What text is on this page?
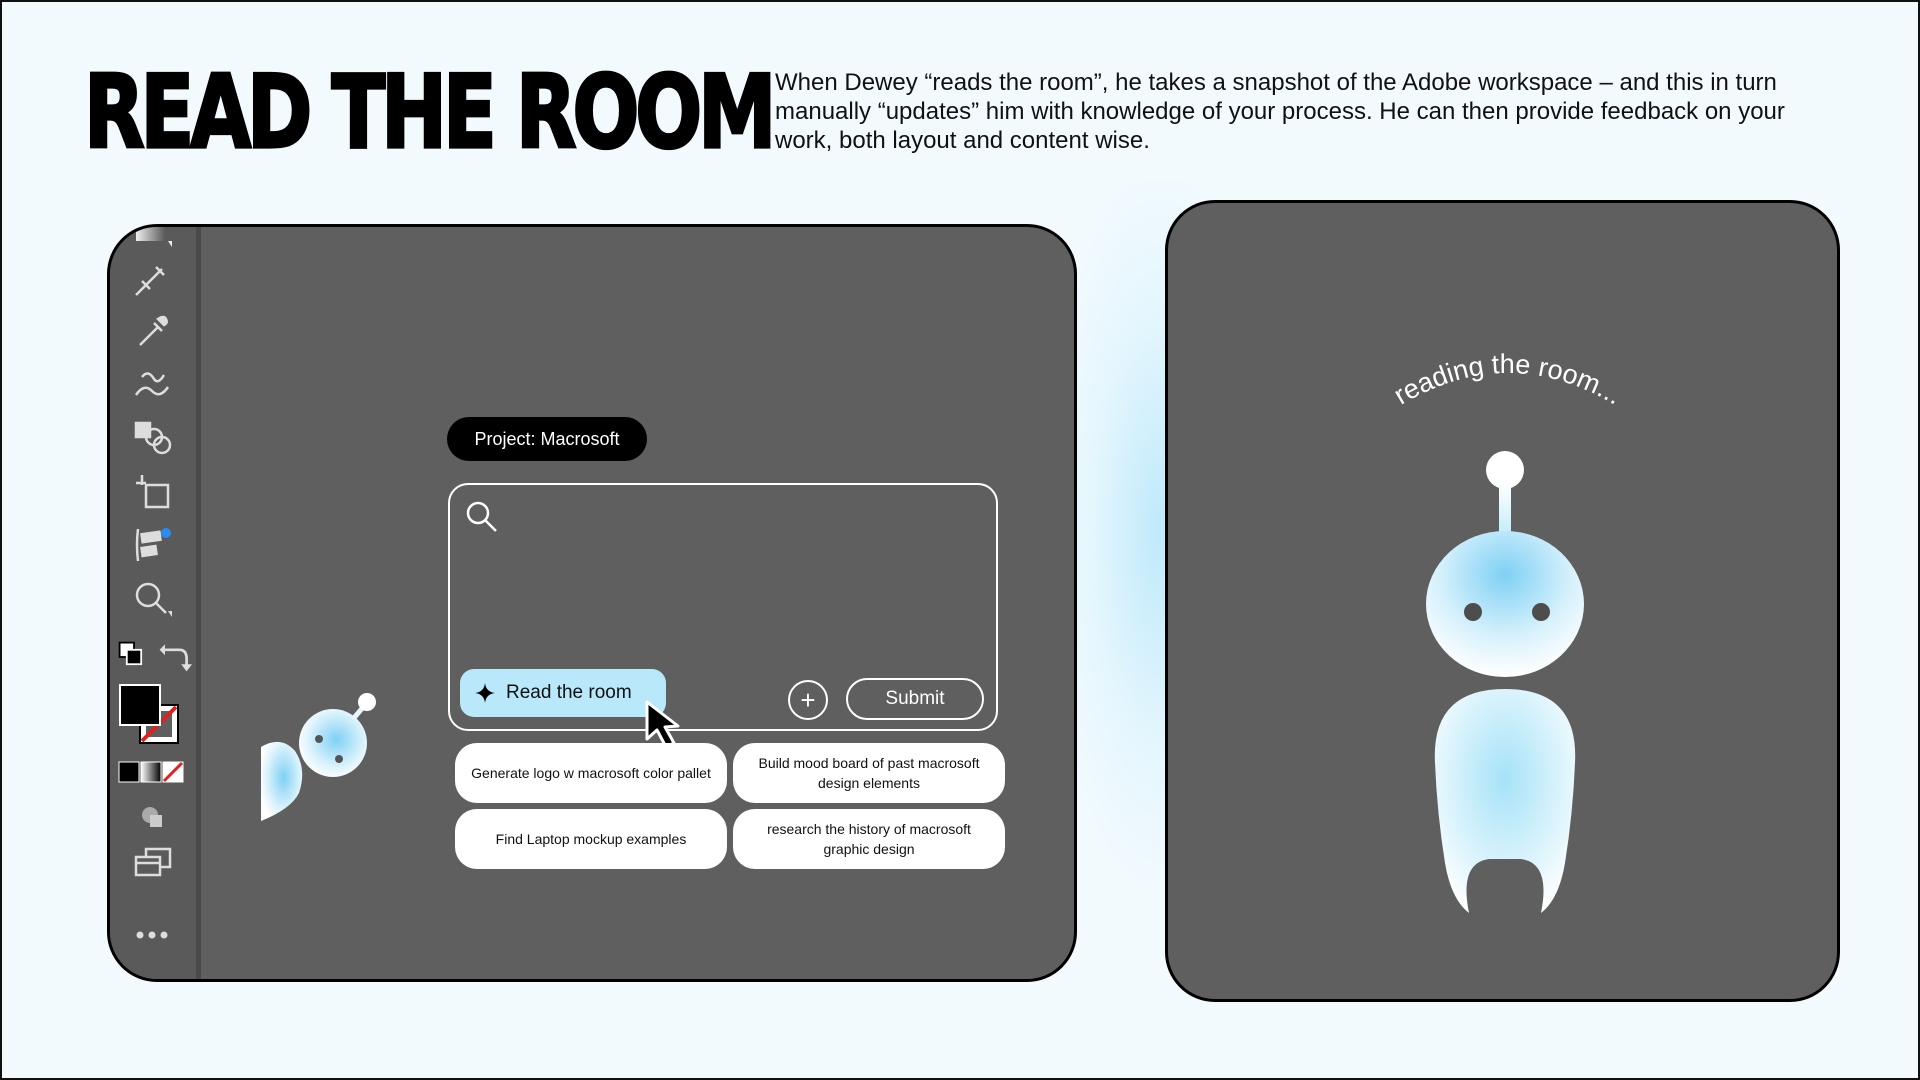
READ THE ROOM When Dewey “reads the room”, he takes a snapshot of the Adobe workspace – and this in turn manually “updates” him with knowledge of your process. He can then provide feedback on your work, both layout and content wise.

Project: Macrosoft
Read the room	+	Submit
Generate logo w macrosoft color pallet
Build mood board of past macrosoft design elements
Find Laptop mockup examples
research the history of macrosoft graphic design
reading the room...
